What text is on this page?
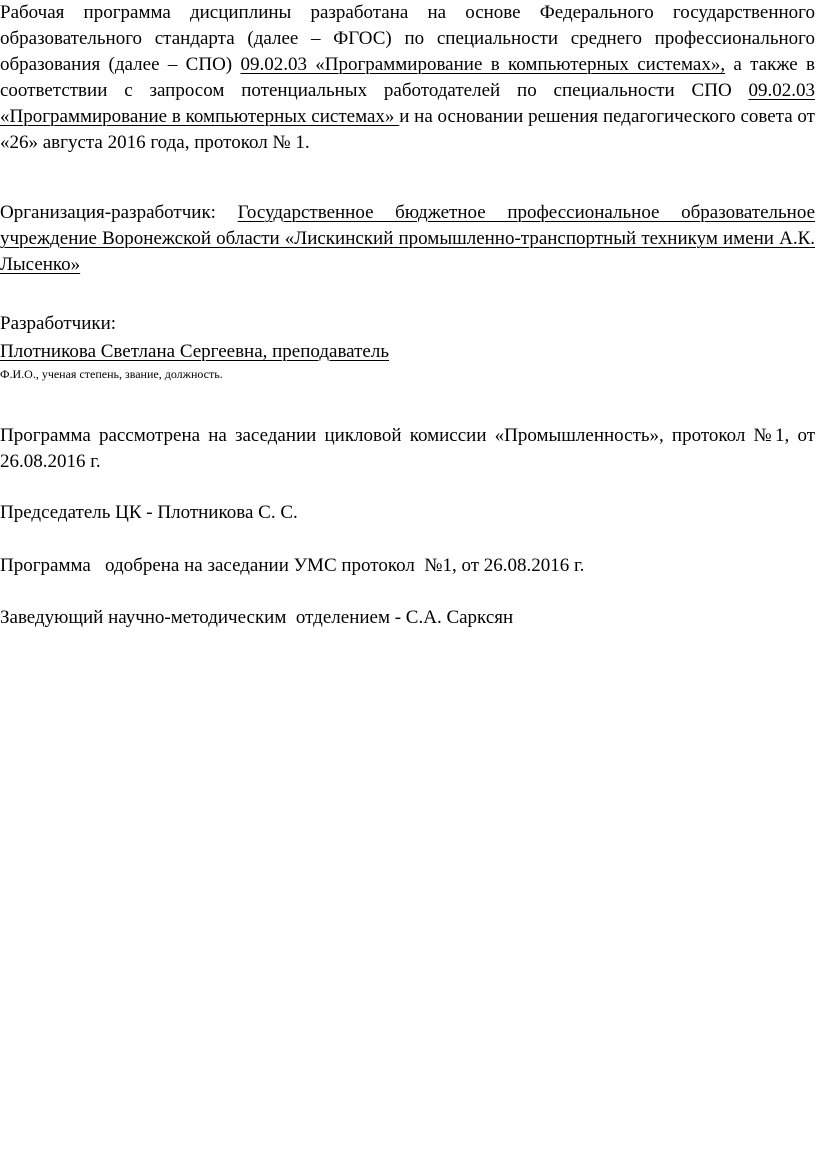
Рабочая программа дисциплины разработана на основе Федерального государственного образовательного стандарта (далее – ФГОС) по специальности среднего профессионального образования (далее – СПО) 09.02.03 «Программирование в компьютерных системах», а также в соответствии с запросом потенциальных работодателей по специальности СПО 09.02.03 «Программирование в компьютерных системах» и на основании решения педагогического совета от «26» августа 2016 года, протокол № 1.

Организация-разработчик: Государственное бюджетное профессиональное образовательное учреждение Воронежской области «Лискинский промышленно-транспортный техникум имени А.К. Лысенко»

Разработчики:

Плотникова Светлана Сергеевна, преподаватель

Ф.И.О., ученая степень, звание, должность.

Программа рассмотрена на заседании цикловой комиссии «Промышленность», протокол №1, от 26.08.2016 г.

Председатель ЦК - Плотникова С. С.

Программа   одобрена на заседании УМС протокол  №1, от 26.08.2016 г.

Заведующий научно-методическим  отделением - С.А. Сарксян
